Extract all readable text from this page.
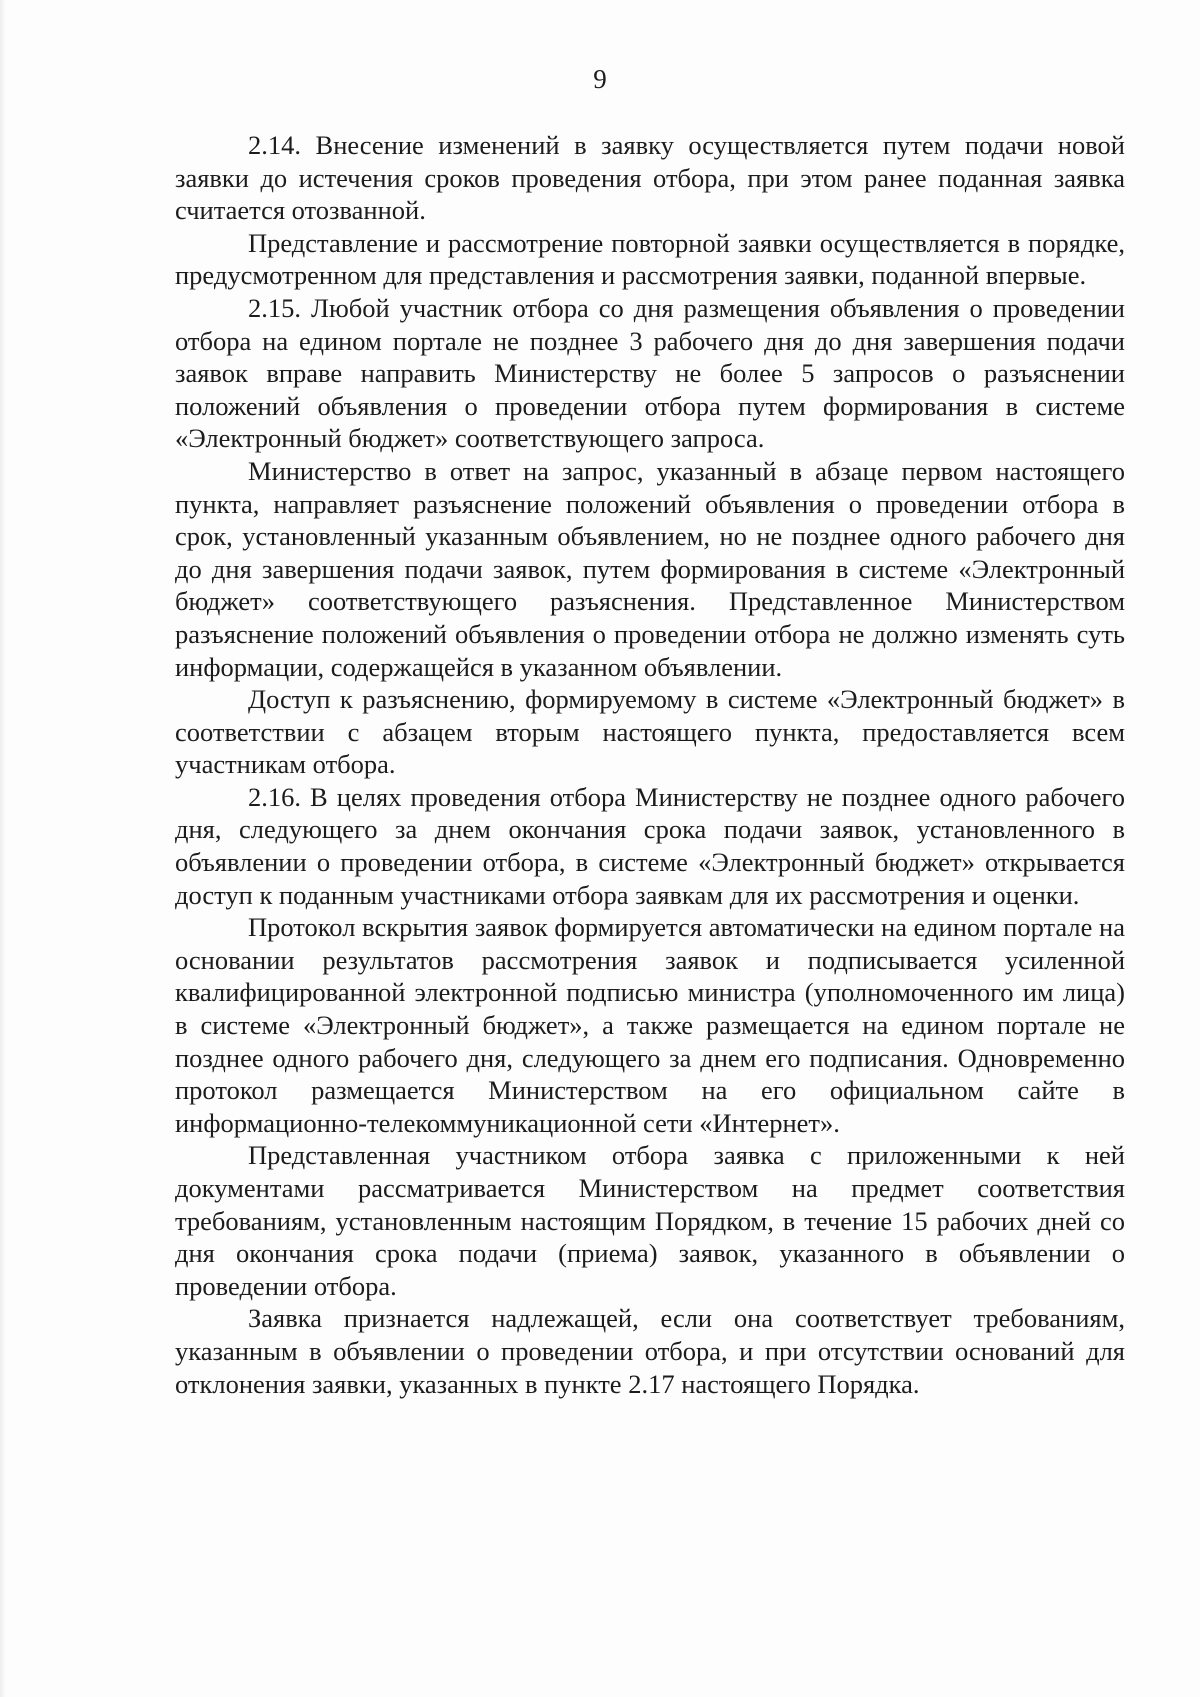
9

2.14. Внесение изменений в заявку осуществляется путем подачи новой заявки до истечения сроков проведения отбора, при этом ранее поданная заявка считается отозванной.

Представление и рассмотрение повторной заявки осуществляется в порядке, предусмотренном для представления и рассмотрения заявки, поданной впервые.

2.15. Любой участник отбора со дня размещения объявления о проведении отбора на едином портале не позднее 3 рабочего дня до дня завершения подачи заявок вправе направить Министерству не более 5 запросов о разъяснении положений объявления о проведении отбора путем формирования в системе «Электронный бюджет» соответствующего запроса.

Министерство в ответ на запрос, указанный в абзаце первом настоящего пункта, направляет разъяснение положений объявления о проведении отбора в срок, установленный указанным объявлением, но не позднее одного рабочего дня до дня завершения подачи заявок, путем формирования в системе «Электронный бюджет» соответствующего разъяснения. Представленное Министерством разъяснение положений объявления о проведении отбора не должно изменять суть информации, содержащейся в указанном объявлении.

Доступ к разъяснению, формируемому в системе «Электронный бюджет» в соответствии с абзацем вторым настоящего пункта, предоставляется всем участникам отбора.

2.16. В целях проведения отбора Министерству не позднее одного рабочего дня, следующего за днем окончания срока подачи заявок, установленного в объявлении о проведении отбора, в системе «Электронный бюджет» открывается доступ к поданным участниками отбора заявкам для их рассмотрения и оценки.

Протокол вскрытия заявок формируется автоматически на едином портале на основании результатов рассмотрения заявок и подписывается усиленной квалифицированной электронной подписью министра (уполномоченного им лица) в системе «Электронный бюджет», а также размещается на едином портале не позднее одного рабочего дня, следующего за днем его подписания. Одновременно протокол размещается Министерством на его официальном сайте в информационно-телекоммуникационной сети «Интернет».

Представленная участником отбора заявка с приложенными к ней документами рассматривается Министерством на предмет соответствия требованиям, установленным настоящим Порядком, в течение 15 рабочих дней со дня окончания срока подачи (приема) заявок, указанного в объявлении о проведении отбора.

Заявка признается надлежащей, если она соответствует требованиям, указанным в объявлении о проведении отбора, и при отсутствии оснований для отклонения заявки, указанных в пункте 2.17 настоящего Порядка.
